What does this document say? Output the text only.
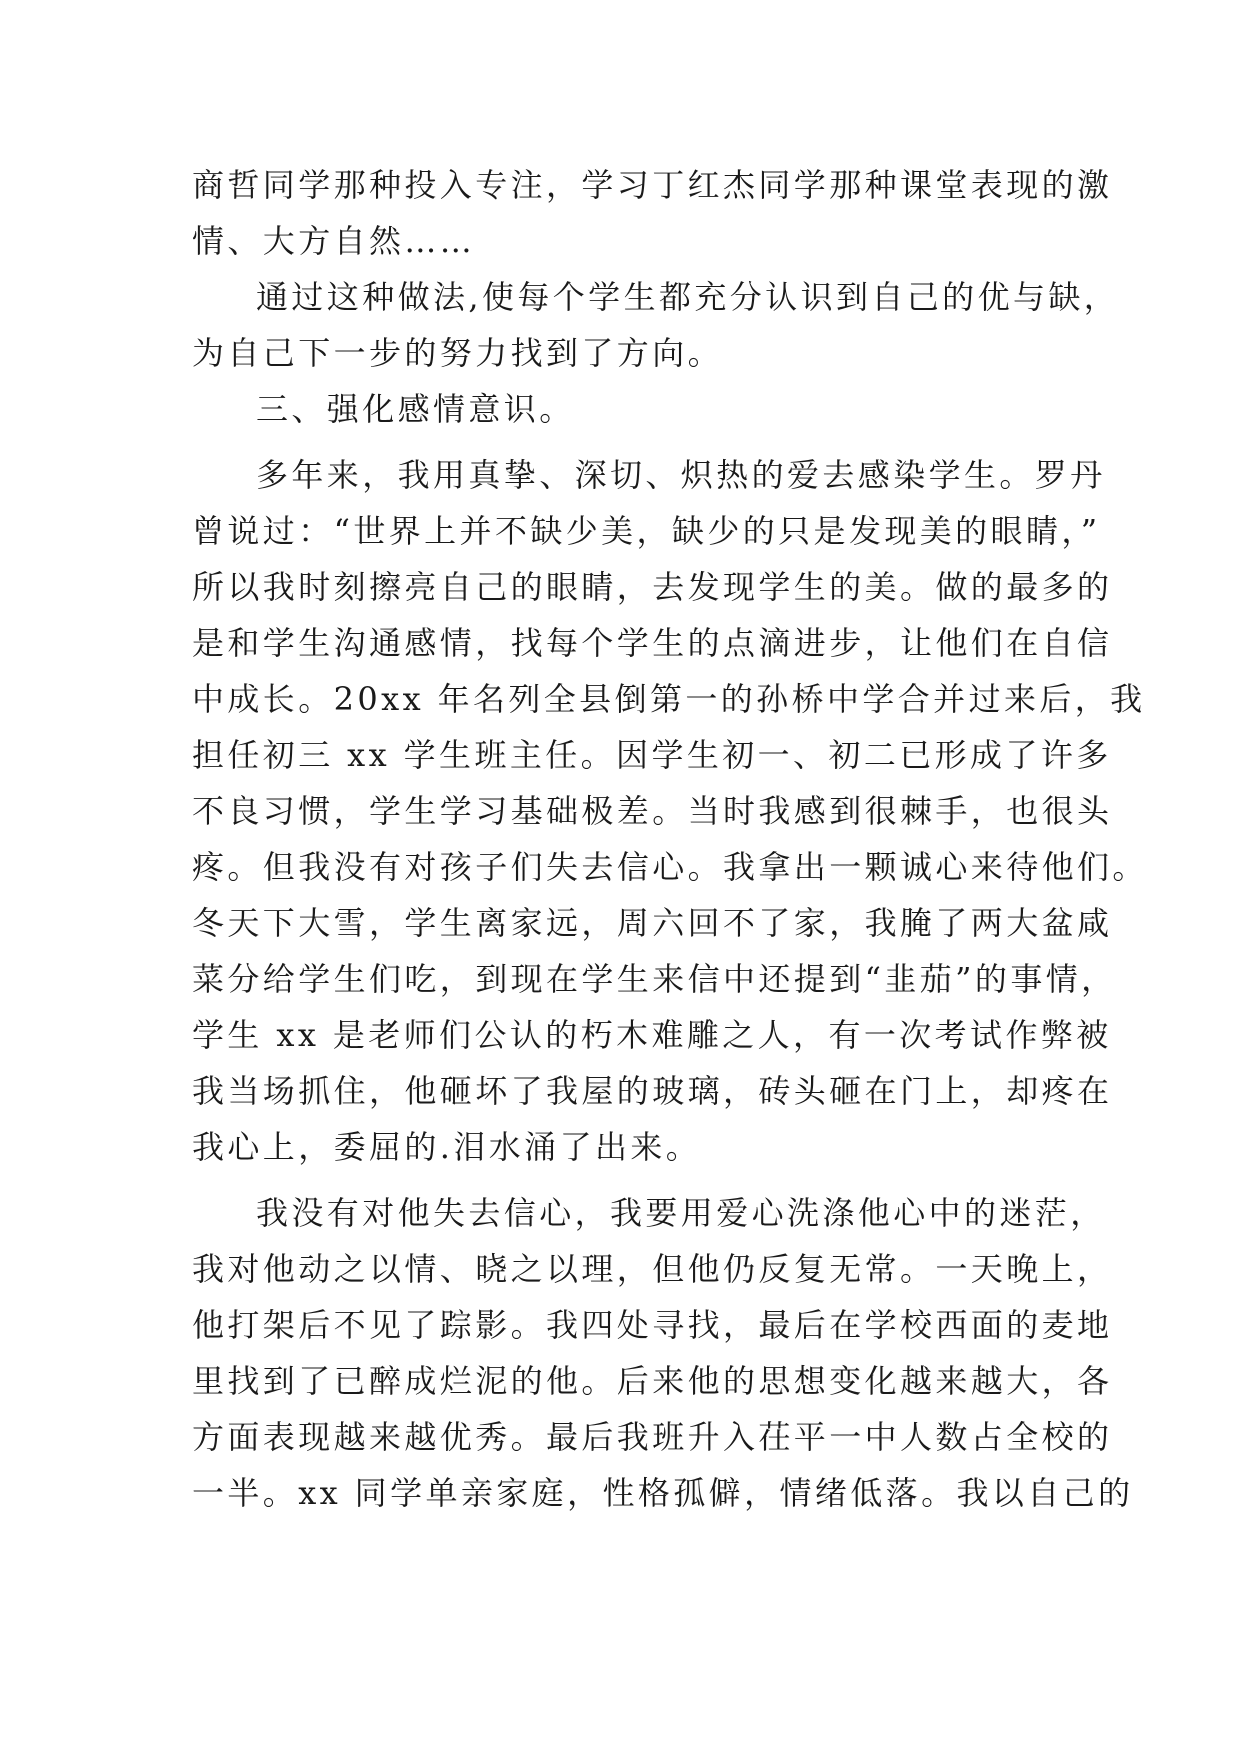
商哲同学那种投入专注，学习丁红杰同学那种课堂表现的激
情、大方自然……
通过这种做法,使每个学生都充分认识到自己的优与缺，
为自己下一步的努力找到了方向。
三、强化感情意识。
多年来，我用真挚、深切、炽热的爱去感染学生。罗丹
曾说过：“世界上并不缺少美，缺少的只是发现美的眼睛，”
所以我时刻擦亮自己的眼睛，去发现学生的美。做的最多的
是和学生沟通感情，找每个学生的点滴进步，让他们在自信
中成长。20xx 年名列全县倒第一的孙桥中学合并过来后，我
担任初三 xx 学生班主任。因学生初一、初二已形成了许多
不良习惯，学生学习基础极差。当时我感到很棘手，也很头
疼。但我没有对孩子们失去信心。我拿出一颗诚心来待他们。
冬天下大雪，学生离家远，周六回不了家，我腌了两大盆咸
菜分给学生们吃，到现在学生来信中还提到“韭茄”的事情，
学生 xx 是老师们公认的朽木难雕之人，有一次考试作弊被
我当场抓住，他砸坏了我屋的玻璃，砖头砸在门上，却疼在
我心上，委屈的.泪水涌了出来。
我没有对他失去信心，我要用爱心洗涤他心中的迷茫，
我对他动之以情、晓之以理，但他仍反复无常。一天晚上，
他打架后不见了踪影。我四处寻找，最后在学校西面的麦地
里找到了已醉成烂泥的他。后来他的思想变化越来越大，各
方面表现越来越优秀。最后我班升入茌平一中人数占全校的
一半。xx 同学单亲家庭，性格孤僻，情绪低落。我以自己的
